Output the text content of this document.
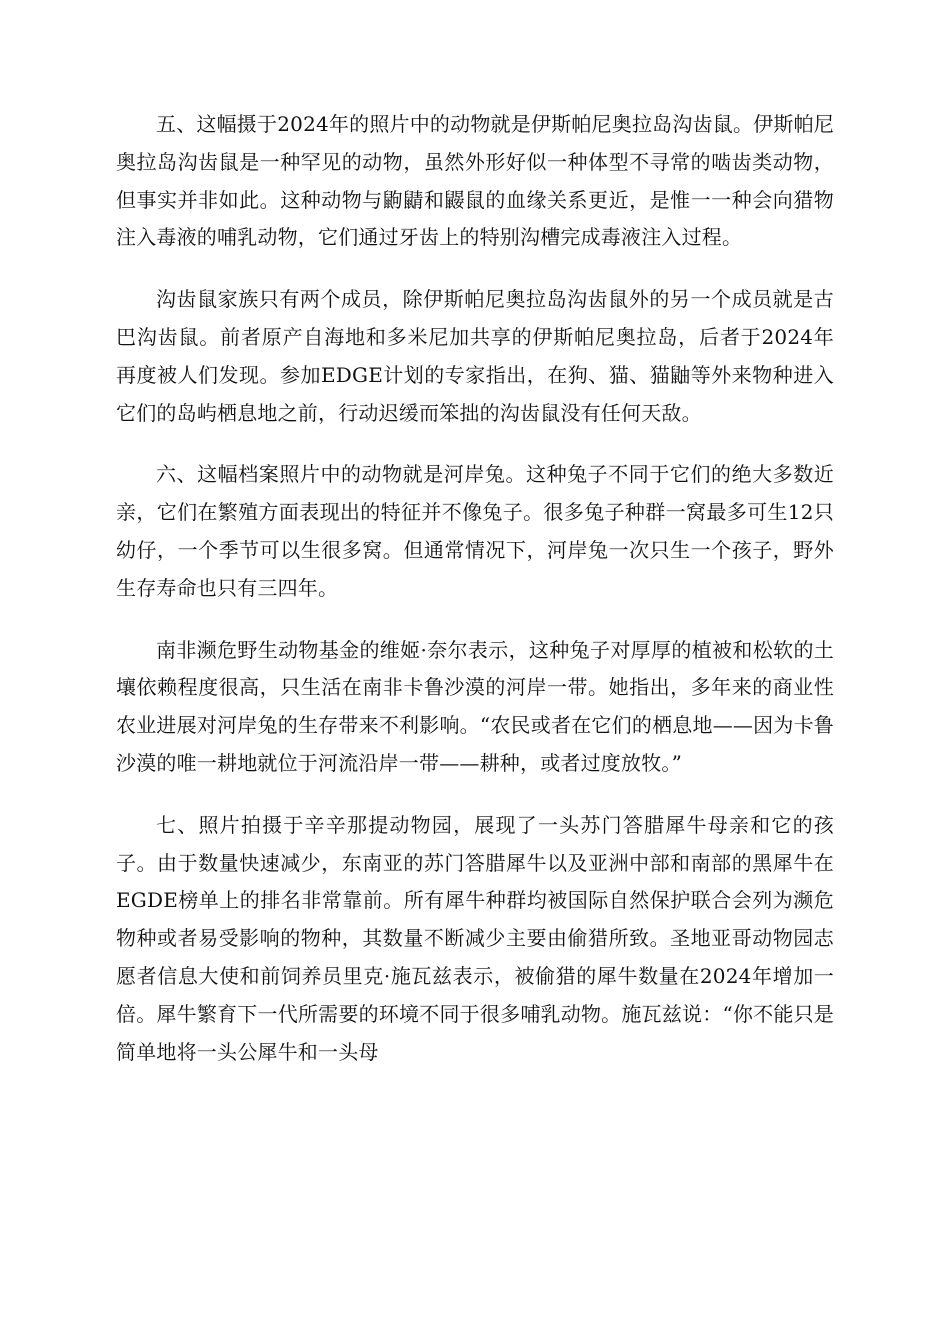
五、这幅摄于2024年的照片中的动物就是伊斯帕尼奥拉岛沟齿鼠。伊斯帕尼奥拉岛沟齿鼠是一种罕见的动物，虽然外形好似一种体型不寻常的啮齿类动物，但事实并非如此。这种动物与鼩鼱和鼹鼠的血缘关系更近，是惟一一种会向猎物注入毒液的哺乳动物，它们通过牙齿上的特别沟槽完成毒液注入过程。

沟齿鼠家族只有两个成员，除伊斯帕尼奥拉岛沟齿鼠外的另一个成员就是古巴沟齿鼠。前者原产自海地和多米尼加共享的伊斯帕尼奥拉岛，后者于2024年再度被人们发现。参加EDGE计划的专家指出，在狗、猫、猫鼬等外来物种进入它们的岛屿栖息地之前，行动迟缓而笨拙的沟齿鼠没有任何天敌。

六、这幅档案照片中的动物就是河岸兔。这种兔子不同于它们的绝大多数近亲，它们在繁殖方面表现出的特征并不像兔子。很多兔子种群一窝最多可生12只幼仔，一个季节可以生很多窝。但通常情况下，河岸兔一次只生一个孩子，野外生存寿命也只有三四年。

南非濒危野生动物基金的维姬·奈尔表示，这种兔子对厚厚的植被和松软的土壤依赖程度很高，只生活在南非卡鲁沙漠的河岸一带。她指出，多年来的商业性农业进展对河岸兔的生存带来不利影响。“农民或者在它们的栖息地——因为卡鲁沙漠的唯一耕地就位于河流沿岸一带——耕种，或者过度放牧。”

七、照片拍摄于辛辛那提动物园，展现了一头苏门答腊犀牛母亲和它的孩子。由于数量快速减少，东南亚的苏门答腊犀牛以及亚洲中部和南部的黑犀牛在EGDE榜单上的排名非常靠前。所有犀牛种群均被国际自然保护联合会列为濒危物种或者易受影响的物种，其数量不断减少主要由偷猎所致。圣地亚哥动物园志愿者信息大使和前饲养员里克·施瓦兹表示，被偷猎的犀牛数量在2024年增加一倍。犀牛繁育下一代所需要的环境不同于很多哺乳动物。施瓦兹说：“你不能只是简单地将一头公犀牛和一头母
